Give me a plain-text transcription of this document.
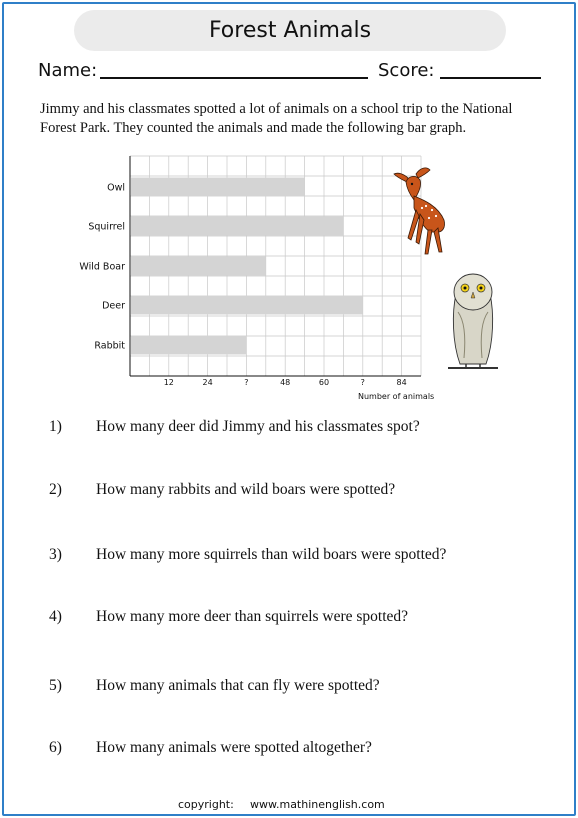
Forest Animals
Name:	Score:
Jimmy and his classmates spotted a lot of animals on a school trip to the National Forest Park. They counted the animals and made the following bar graph.
Owl
Squirrel
Wild Boar
Deer
Rabbit
12	24	?	48	60	?	84
Number of animals
1) How many deer did Jimmy and his classmates spot?
2) How many rabbits and wild boars were spotted?
3) How many more squirrels than wild boars were spotted?
4) How many more deer than squirrels were spotted?
5) How many animals that can fly were spotted?
6) How many animals were spotted altogether?
copyright: www.mathinenglish.com
